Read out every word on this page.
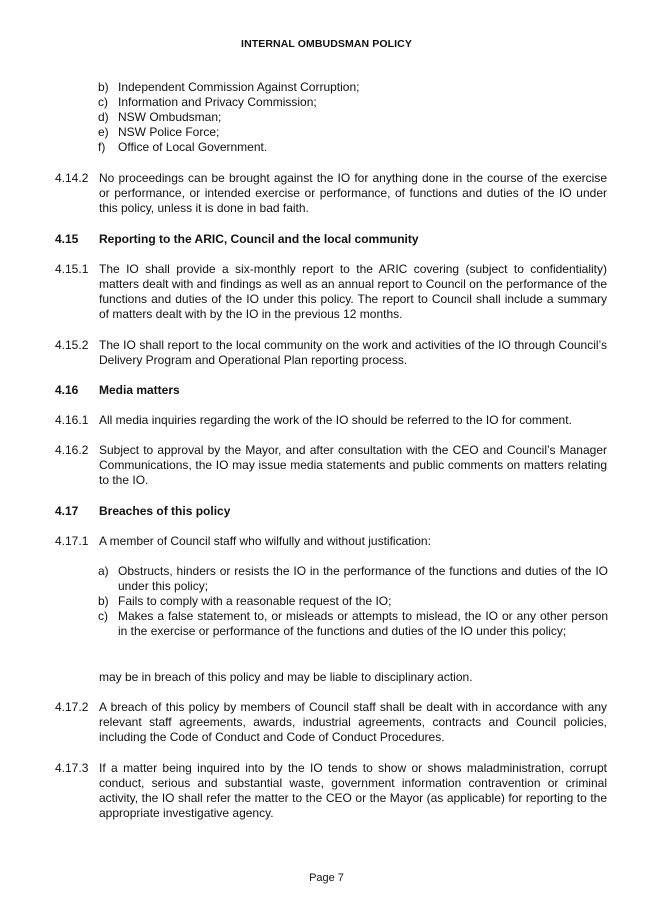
INTERNAL OMBUDSMAN POLICY
b) Independent Commission Against Corruption;
c) Information and Privacy Commission;
d) NSW Ombudsman;
e) NSW Police Force;
f)	Office of Local Government.
4.14.2 No proceedings can be brought against the IO for anything done in the course of the exercise or performance, or intended exercise or performance, of functions and duties of the IO under this policy, unless it is done in bad faith.
4.15 Reporting to the ARIC, Council and the local community
4.15.1 The IO shall provide a six-monthly report to the ARIC covering (subject to confidentiality) matters dealt with and findings as well as an annual report to Council on the performance of the functions and duties of the IO under this policy. The report to Council shall include a summary of matters dealt with by the IO in the previous 12 months.
4.15.2 The IO shall report to the local community on the work and activities of the IO through Council’s Delivery Program and Operational Plan reporting process.
4.16 Media matters
4.16.1 All media inquiries regarding the work of the IO should be referred to the IO for comment.
4.16.2 Subject to approval by the Mayor, and after consultation with the CEO and Council’s Manager Communications, the IO may issue media statements and public comments on matters relating to the IO.
4.17 Breaches of this policy
4.17.1 A member of Council staff who wilfully and without justification:
a) Obstructs, hinders or resists the IO in the performance of the functions and duties of the IO under this policy;
b) Fails to comply with a reasonable request of the IO;
c) Makes a false statement to, or misleads or attempts to mislead, the IO or any other person in the exercise or performance of the functions and duties of the IO under this policy;
may be in breach of this policy and may be liable to disciplinary action.
4.17.2 A breach of this policy by members of Council staff shall be dealt with in accordance with any relevant staff agreements, awards, industrial agreements, contracts and Council policies, including the Code of Conduct and Code of Conduct Procedures.
4.17.3 If a matter being inquired into by the IO tends to show or shows maladministration, corrupt conduct, serious and substantial waste, government information contravention or criminal activity, the IO shall refer the matter to the CEO or the Mayor (as applicable) for reporting to the appropriate investigative agency.
Page 7
